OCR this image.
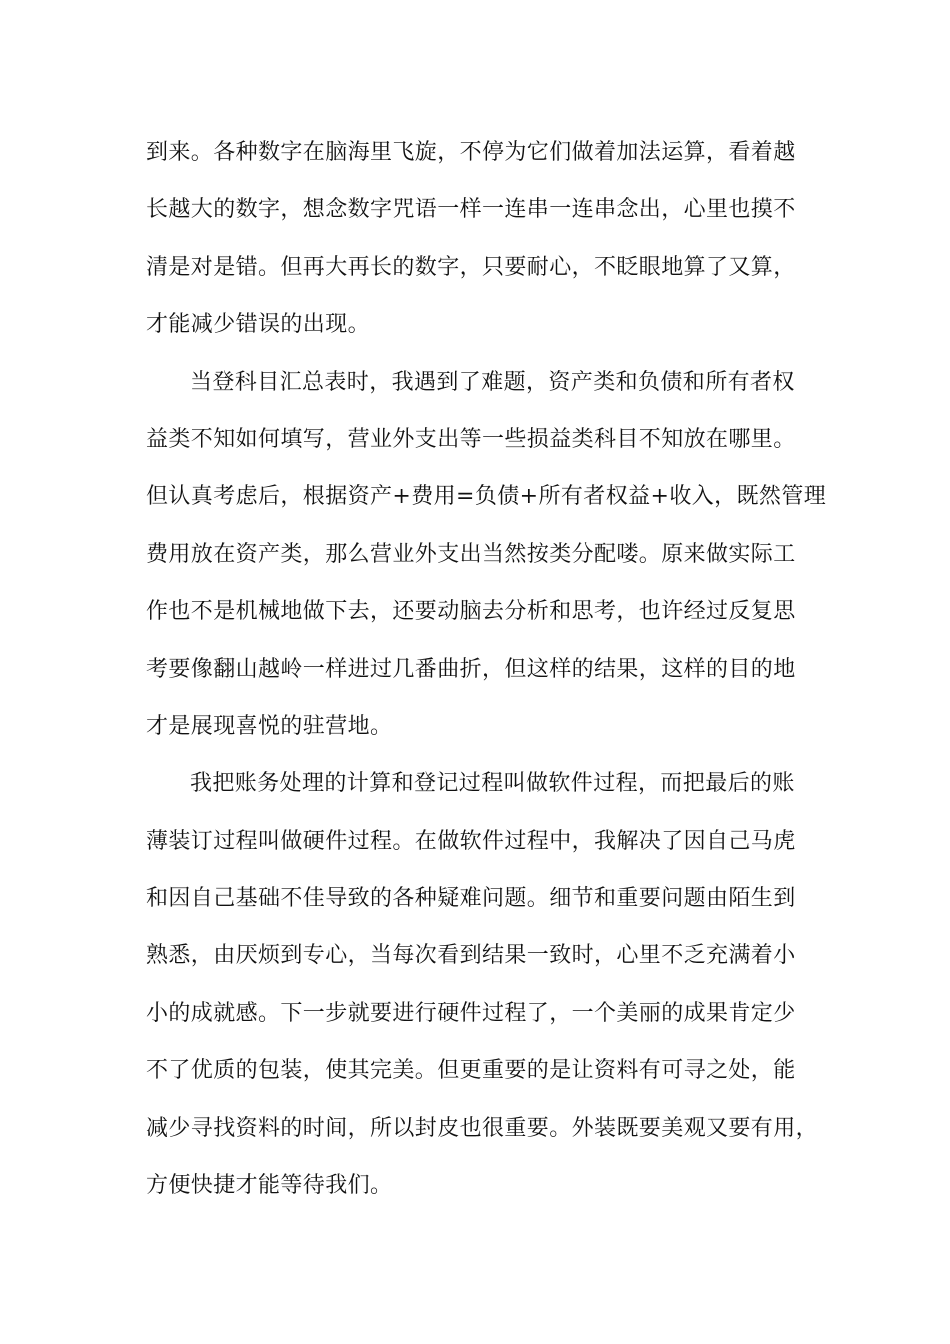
到来。各种数字在脑海里飞旋，不停为它们做着加法运算，看着越
长越大的数字，想念数字咒语一样一连串一连串念出，心里也摸不
清是对是错。但再大再长的数字，只要耐心，不眨眼地算了又算，
才能减少错误的出现。
当登科目汇总表时，我遇到了难题，资产类和负债和所有者权
益类不知如何填写，营业外支出等一些损益类科目不知放在哪里。
但认真考虑后，根据资产+费用=负债+所有者权益+收入，既然管理
费用放在资产类，那么营业外支出当然按类分配喽。原来做实际工
作也不是机械地做下去，还要动脑去分析和思考，也许经过反复思
考要像翻山越岭一样进过几番曲折，但这样的结果，这样的目的地
才是展现喜悦的驻营地。
我把账务处理的计算和登记过程叫做软件过程，而把最后的账
薄装订过程叫做硬件过程。在做软件过程中，我解决了因自己马虎
和因自己基础不佳导致的各种疑难问题。细节和重要问题由陌生到
熟悉，由厌烦到专心，当每次看到结果一致时，心里不乏充满着小
小的成就感。下一步就要进行硬件过程了，一个美丽的成果肯定少
不了优质的包装，使其完美。但更重要的是让资料有可寻之处，能
减少寻找资料的时间，所以封皮也很重要。外装既要美观又要有用，
方便快捷才能等待我们。
